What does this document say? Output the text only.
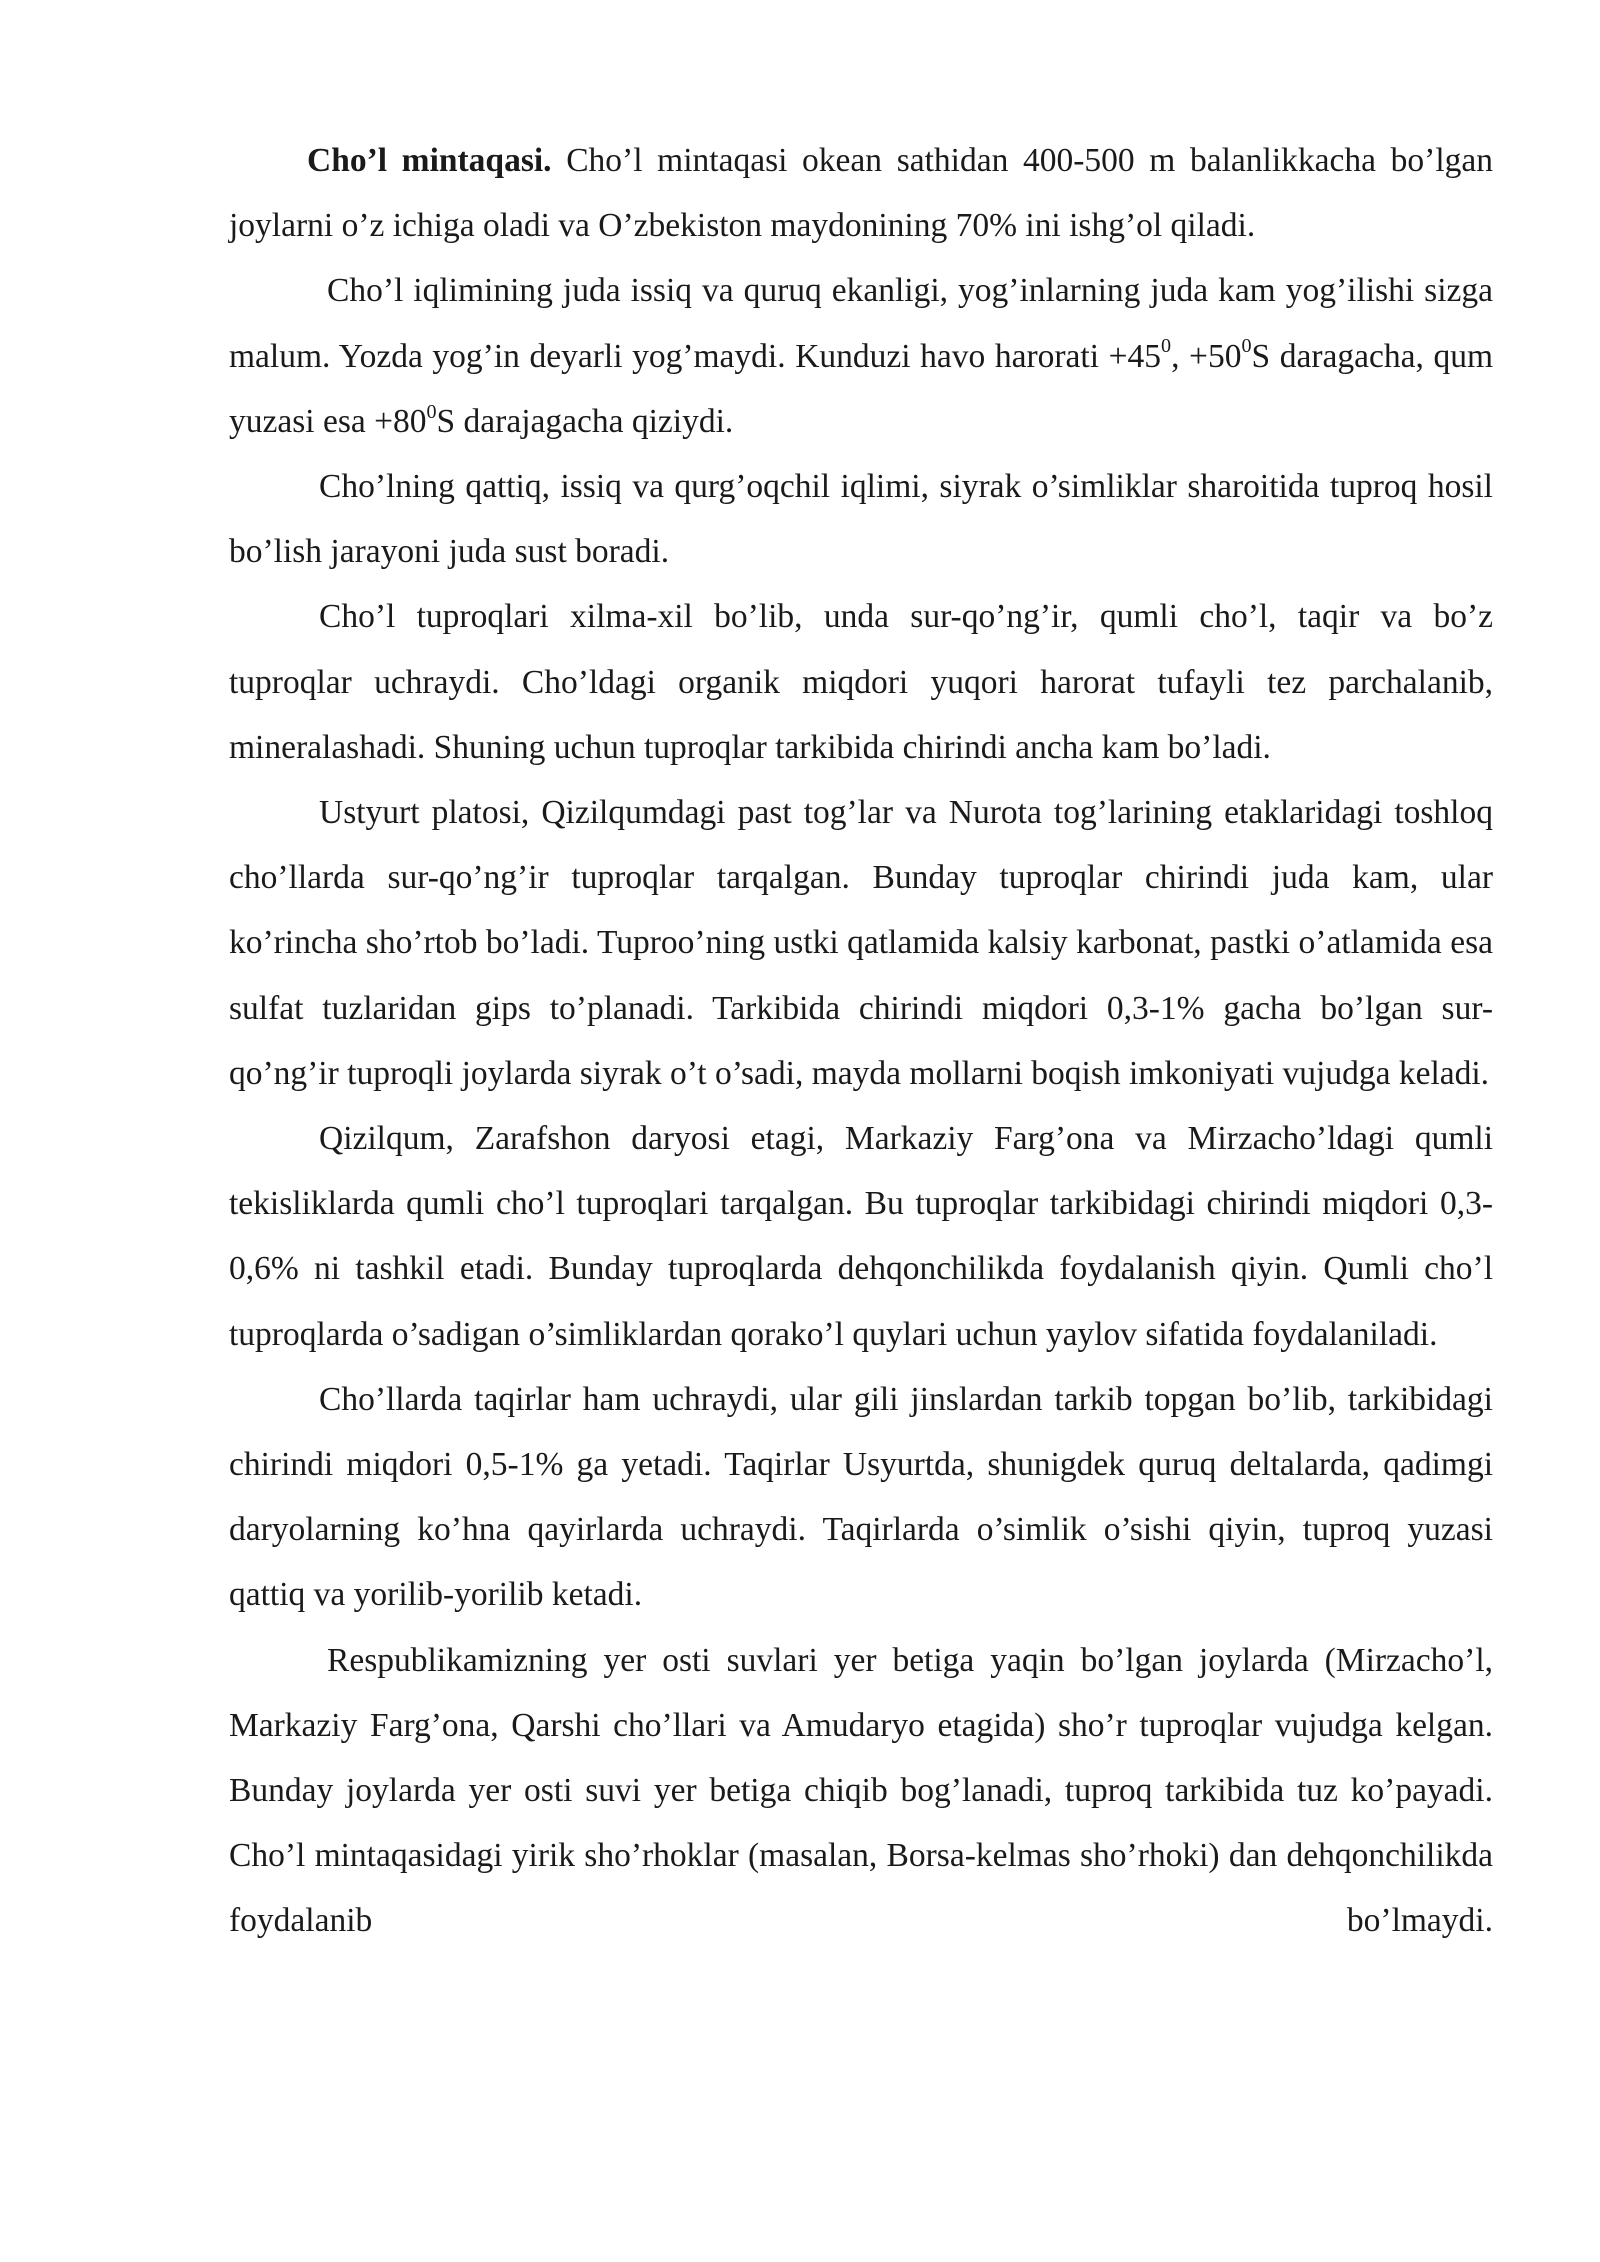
Cho’l mintaqasi. Cho’l mintaqasi okean sathidan 400-500 m balanlikkacha bo’lgan joylarni o’z ichiga oladi va O’zbekiston maydonining 70% ini ishg’ol qiladi.

Cho’l iqlimining juda issiq va quruq ekanligi, yog’inlarning juda kam yog’ilishi sizga malum. Yozda yog’in deyarli yog’maydi. Kunduzi havo harorati $+45^0$, $+50^0S$ daragacha, qum yuzasi esa $+80^0S$ darajagacha qiziydi.

Cho’lning qattiq, issiq va qurg’oqchil iqlimi, siyrak o’simliklar sharoitida tuproq hosil bo’lish jarayoni juda sust boradi.

Cho’l tuproqlari xilma-xil bo’lib, unda sur-qo’ng’ir, qumli cho’l, taqir va bo’z tuproqlar uchraydi. Cho’ldagi organik miqdori yuqori harorat tufayli tez parchalanib, mineralashadi. Shuning uchun tuproqlar tarkibida chirindi ancha kam bo’ladi.

Ustyurt platosi, Qizilqumdagi past tog’lar va Nurota tog’larining etaklaridagi toshloq cho’llarda sur-qo’ng’ir tuproqlar tarqalgan. Bunday tuproqlar chirindi juda kam, ular ko’rincha sho’rtob bo’ladi. Tuproo’ning ustki qatlamida kalsiy karbonat, pastki o’atlamida esa sulfat tuzlaridan gips to’planadi. Tarkibida chirindi miqdori 0,3-1% gacha bo’lgan sur-qo’ng’ir tuproqli joylarda siyrak o’t o’sadi, mayda mollarni boqish imkoniyati vujudga keladi.

Qizilqum, Zarafshon daryosi etagi, Markaziy Farg’ona va Mirzacho’ldagi qumli tekisliklarda qumli cho’l tuproqlari tarqalgan. Bu tuproqlar tarkibidagi chirindi miqdori 0,3-0,6% ni tashkil etadi. Bunday tuproqlarda dehqonchilikda foydalanish qiyin. Qumli cho’l tuproqlarda o’sadigan o’simliklardan qorako’l quylari uchun yaylov sifatida foydalaniladi.

Cho’llarda taqirlar ham uchraydi, ular gili jinslardan tarkib topgan bo’lib, tarkibidagi chirindi miqdori 0,5-1% ga yetadi. Taqirlar Usyurtda, shunigdek quruq deltalarda, qadimgi daryolarning ko’hna qayirlarda uchraydi. Taqirlarda o’simlik o’sishi qiyin, tuproq yuzasi qattiq va yorilib-yorilib ketadi.

Respublikamizning yer osti suvlari yer betiga yaqin bo’lgan joylarda (Mirzacho’l, Markaziy Farg’ona, Qarshi cho’llari va Amudaryo etagida) sho’r tuproqlar vujudga kelgan. Bunday joylarda yer osti suvi yer betiga chiqib bog’lanadi, tuproq tarkibida tuz ko’payadi. Cho’l mintaqasidagi yirik sho’rhoklar (masalan, Borsa-kelmas sho’rhoki) dan dehqonchilikda foydalanib bo’lmaydi.
